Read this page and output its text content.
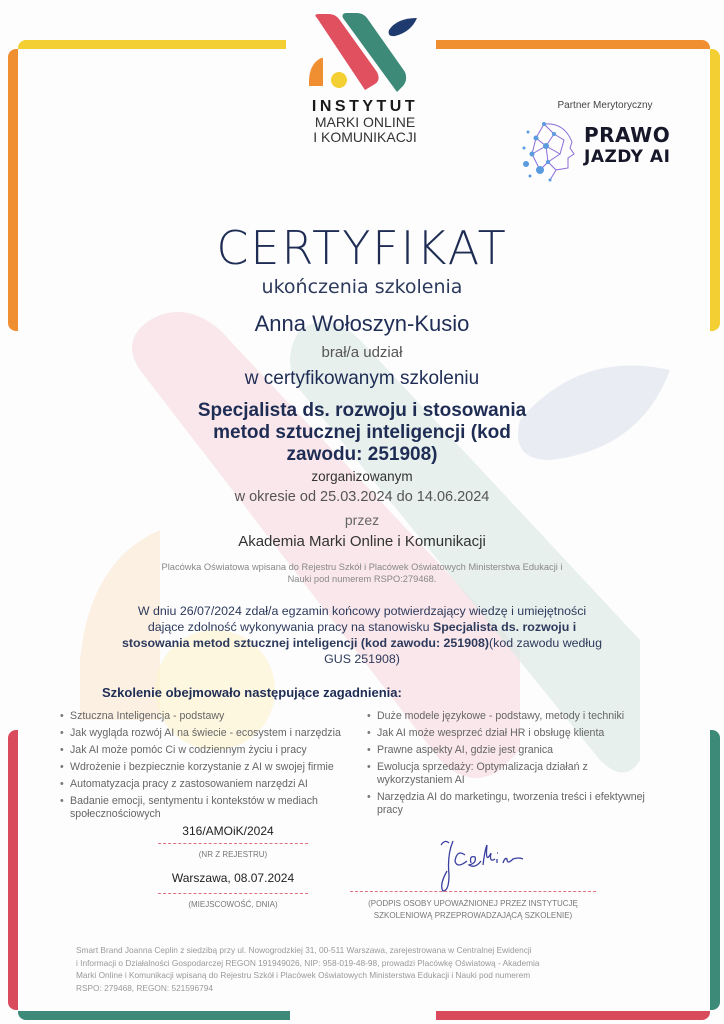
INSTYTUT
MARKI ONLINE
I KOMUNIKACJI
Partner Merytoryczny
PRAWO
JAZDY AI
CERTYFIKAT
ukończenia szkolenia
Anna Wołoszyn-Kusio
brał/a udział
w certyfikowanym szkoleniu
Specjalista ds. rozwoju i stosowania
metod sztucznej inteligencji (kod
zawodu: 251908)
zorganizowanym
w okresie od 25.03.2024 do 14.06.2024
przez
Akademia Marki Online i Komunikacji
Placówka Oświatowa wpisana do Rejestru Szkół i Placówek Oświatowych Ministerstwa Edukacji i
Nauki pod numerem RSPO:279468.
W dniu 26/07/2024 zdał/a egzamin końcowy potwierdzający wiedzę i umiejętności
dające zdolność wykonywania pracy na stanowisku Specjalista ds. rozwoju i
stosowania metod sztucznej inteligencji (kod zawodu: 251908)(kod zawodu według
GUS 251908)
Szkolenie obejmowało następujące zagadnienia:
• Sztuczna Inteligencja - podstawy
• Jak wygląda rozwój AI na świecie - ecosystem i narzędzia
• Jak AI może pomóc Ci w codziennym życiu i pracy
• Wdrożenie i bezpiecznie korzystanie z AI w swojej firmie
• Automatyzacja pracy z zastosowaniem narzędzi AI
• Badanie emocji, sentymentu i kontekstów w mediach społecznościowych
• Duże modele językowe - podstawy, metody i techniki
• Jak AI może wesprzeć dział HR i obsługę klienta
• Prawne aspekty AI, gdzie jest granica
• Ewolucja sprzedaży: Optymalizacja działań z wykorzystaniem AI
• Narzędzia AI do marketingu, tworzenia treści i efektywnej pracy
316/AMOiK/2024
(NR Z REJESTRU)
Warszawa, 08.07.2024
(MIEJSCOWOŚĆ, DNIA)	(PODPIS OSOBY UPOWAŻNIONEJ PRZEZ INSTYTUCJĘ
SZKOLENIOWĄ PRZEPROWADZAJĄCĄ SZKOLENIE)
Smart Brand Joanna Ceplin z siedzibą przy ul. Nowogrodzkiej 31, 00-511 Warszawa, zarejestrowana w Centralnej Ewidencji
i Informacji o Działalności Gospodarczej REGON 191949026, NIP: 958-019-48-98, prowadzi Placówkę Oświatową - Akademia
Marki Online i Komunikacji wpisaną do Rejestru Szkół i Placówek Oświatowych Ministerstwa Edukacji i Nauki pod numerem
RSPO: 279468, REGON: 521596794
